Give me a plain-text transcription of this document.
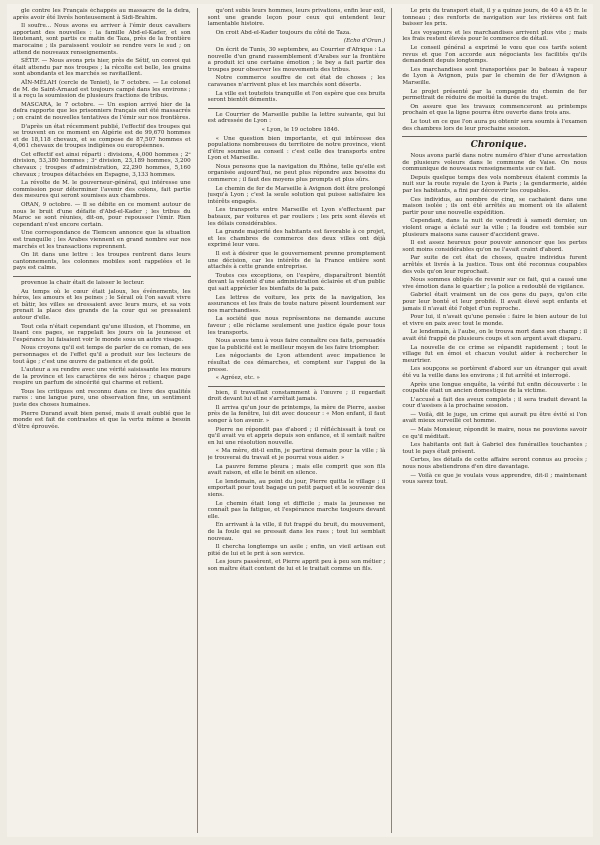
gle contre les Français échappés au massacre de la deïra, après avoir été livrés honteusement à Sidi-Brahim.

Il soufre... Nous avons eu arriver à l'émir deux cavaliers apportant des nouvelles : la famille Abd-el-Kader, et son lieutenant, sont partis ce matin de Taza, près de la frontière marocaine ; ils paraissent vouloir se rendre vers le sud ; on attend de nouveaux renseignements.

SÉTIF. — Nous avons pris hier, près de Sétif, un convoi qui était attendu par nos troupes ; la récolte est belle, les grains sont abondants et les marchés se ravitaillent.

AÏN-MÉLAH (cercle de Teniet), le 7 octobre. — Le colonel de M. de Saint-Arnaud est toujours campé dans les environs ; il a reçu la soumission de plusieurs fractions de tribus.

MASCARA, le 7 octobre. — Un espion arrivé hier de la deïra rapporte que les prisonniers français ont été massacrés ; on craint de nouvelles tentatives de l'émir sur nos frontières.

D'après un état récemment publié, l'effectif des troupes qui se trouvent en ce moment en Algérie est de 99,670 hommes et de 18,118 chevaux, et se compose de 87,507 hommes et 4,061 chevaux de troupes indigènes ou européennes.

Cet effectif est ainsi réparti : divisions, 4,000 hommes ; 2ᵉ division, 53,380 hommes ; 3ᵉ division, 23,189 hommes, 3,200 chevaux ; troupes d'administration, 22,290 hommes, 5,160 chevaux ; troupes détachées en Espagne, 3,133 hommes.

La révolte de M. le gouverneur-général, qui intéresse une commission pour déterminer l'avenir des colons, fait partie des mesures qui seront soumises aux chambres.

ORAN, 9 octobre. — Il se débite en ce moment autour de nous le bruit d'une défaite d'Abd-el-Kader ; les tribus du Maroc se sont réunies, dit-on, pour repousser l'émir. Rien cependant n'est encore certain.

Une correspondance de Tlemcen annonce que la situation est tranquille ; les Arabes viennent en grand nombre sur nos marchés et les transactions reprennent.

On lit dans une lettre : les troupes rentrent dans leurs cantonnements, les colonnes mobiles sont rappelées et le pays est calme.

provenue la chair était de laisser le lecteur.

Au temps où le cœur était jaloux, les événements, les héros, les amours et les peines ; le Sérail où l'on savait vivre et bâtir, les villes se dressaient avec leurs murs, et sa voix prenait la place des grands de la cour qui se pressaient autour d'elle.

Tout cela n'était cependant qu'une illusion, et l'homme, en lisant ces pages, se rappelait les jours où la jeunesse et l'espérance lui faisaient voir le monde sous un autre visage.

Nous croyons qu'il est temps de parler de ce roman, de ses personnages et de l'effet qu'il a produit sur les lecteurs de tout âge ; c'est une œuvre de patience et de goût.

L'auteur a su rendre avec une vérité saisissante les mœurs de la province et les caractères de ses héros ; chaque page respire un parfum de sincérité qui charme et retient.

Tous les critiques ont reconnu dans ce livre des qualités rares : une langue pure, une observation fine, un sentiment juste des choses humaines.

Pierre Durand avait bien pensé, mais il avait oublié que le monde est fait de contrastes et que la vertu même a besoin d'être éprouvée.

qu'ont subis leurs hommes, leurs privations, enfin leur exil, sont une grande leçon pour ceux qui entendent leur lamentable histoire.

On croit Abd-el-Kader toujours du côté de Taza.

(Echo d'Oran.)

On écrit de Tunis, 30 septembre, au Courrier d'Afrique : La nouvelle d'un grand rassemblement d'Arabes sur la frontière a produit ici une certaine émotion ; le bey a fait partir des troupes pour observer les mouvements des tribus.

Notre commerce souffre de cet état de choses ; les caravanes n'arrivent plus et les marchés sont déserts.

La ville est toutefois tranquille et l'on espère que ces bruits seront bientôt démentis.

Le Courrier de Marseille publie la lettre suivante, qui lui est adressée de Lyon :

« Lyon, le 19 octobre 1846.

« Une question bien importante, et qui intéresse des populations nombreuses du territoire de notre province, vient d'être soumise au conseil : c'est celle des transports entre Lyon et Marseille.

Nous pensons que la navigation du Rhône, telle qu'elle est organisée aujourd'hui, ne peut plus répondre aux besoins du commerce ; il faut des moyens plus prompts et plus sûrs.

Le chemin de fer de Marseille à Avignon doit être prolongé jusqu'à Lyon ; c'est la seule solution qui puisse satisfaire les intérêts engagés.

Les transports entre Marseille et Lyon s'effectuent par bateaux, par voitures et par rouliers ; les prix sont élevés et les délais considérables.

La grande majorité des habitants est favorable à ce projet, et les chambres de commerce des deux villes ont déjà exprimé leur vœu.

Il est à désirer que le gouvernement prenne promptement une décision, car les intérêts de la France entière sont attachés à cette grande entreprise.

Toutes ces exceptions, on l'espère, disparaîtront bientôt devant la volonté d'une administration éclairée et d'un public qui sait apprécier les bienfaits de la paix.

Les lettres de voiture, les prix de la navigation, les assurances et les frais de toute nature pèsent lourdement sur nos marchandises.

La société que nous représentons ne demande aucune faveur ; elle réclame seulement une justice égale pour tous les transports.

Nous avons tenu à vous faire connaître ces faits, persuadés que la publicité est le meilleur moyen de les faire triompher.

Les négociants de Lyon attendent avec impatience le résultat de ces démarches, et comptent sur l'appui de la presse.

« Agréez, etc. »

bien, il travaillait constamment à l'œuvre ; il regardait droit devant lui et ne s'arrêtait jamais.

Il arriva qu'un jour de printemps, la mère de Pierre, assise près de la fenêtre, lui dit avec douceur : « Mon enfant, il faut songer à ton avenir. »

Pierre ne répondit pas d'abord ; il réfléchissait à tout ce qu'il avait vu et appris depuis son enfance, et il sentait naître en lui une résolution nouvelle.

« Ma mère, dit-il enfin, je partirai demain pour la ville ; là je trouverai du travail et je pourrai vous aider. »

La pauvre femme pleura ; mais elle comprit que son fils avait raison, et elle le bénit en silence.

Le lendemain, au point du jour, Pierre quitta le village ; il emportait pour tout bagage un petit paquet et le souvenir des siens.

Le chemin était long et difficile ; mais la jeunesse ne connaît pas la fatigue, et l'espérance marche toujours devant elle.

En arrivant à la ville, il fut frappé du bruit, du mouvement, de la foule qui se pressait dans les rues ; tout lui semblait nouveau.

Il chercha longtemps un asile ; enfin, un vieil artisan eut pitié de lui et le prit à son service.

Les jours passèrent, et Pierre apprit peu à peu son métier ; son maître était content de lui et le traitait comme un fils.

Le prix du transport était, il y a quinze jours, de 40 à 45 fr. le tonneau ; des renforts de navigation sur les rivières ont fait baisser les prix.

Les voyageurs et les marchandises arrivent plus vite ; mais les frais restent élevés pour le commerce de détail.

Le conseil général a exprimé le vœu que ces tarifs soient revus et que l'on accorde aux négociants les facilités qu'ils demandent depuis longtemps.

Les marchandises sont transportées par le bateau à vapeur de Lyon à Avignon, puis par le chemin de fer d'Avignon à Marseille.

Le projet présenté par la compagnie du chemin de fer permettrait de réduire de moitié la durée du trajet.

On assure que les travaux commenceront au printemps prochain et que la ligne pourra être ouverte dans trois ans.

Le tout en ce que l'on aura pu obtenir sera soumis à l'examen des chambres lors de leur prochaine session.

Chronique.

Nous avons parlé dans notre numéro d'hier d'une arrestation de plusieurs voleurs dans le commune de Vaise. On nous communique de nouveaux renseignements sur ce fait.

Depuis quelque temps des vols nombreux étaient commis la nuit sur la route royale de Lyon à Paris ; la gendarmerie, aidée par les habitants, a fini par découvrir les coupables.

Ces individus, au nombre de cinq, se cachaient dans une maison isolée ; ils ont été arrêtés au moment où ils allaient partir pour une nouvelle expédition.

Cependant, dans la nuit de vendredi à samedi dernier, un violent orage a éclaté sur la ville ; la foudre est tombée sur plusieurs maisons sans causer d'accident grave.

Il est assez heureux pour pouvoir annoncer que les pertes sont moins considérables qu'on ne l'avait craint d'abord.

Par suite de cet état de choses, quatre individus furent arrêtés et livrés à la justice. Tous ont été reconnus coupables des vols qu'on leur reprochait.

Nous sommes obligés de revenir sur ce fait, qui a causé une vive émotion dans le quartier ; la police a redoublé de vigilance.

Gabriel était vraiment un de ces gens du pays, qu'on cite pour leur bonté et leur probité. Il avait élevé sept enfants et jamais il n'avait été l'objet d'un reproche.

Pour lui, il n'avait qu'une pensée : faire le bien autour de lui et vivre en paix avec tout le monde.

Le lendemain, à l'aube, on le trouva mort dans son champ ; il avait été frappé de plusieurs coups et son argent avait disparu.

La nouvelle de ce crime se répandit rapidement ; tout le village fut en émoi et chacun voulut aider à rechercher le meurtrier.

Les soupçons se portèrent d'abord sur un étranger qui avait été vu la veille dans les environs ; il fut arrêté et interrogé.

Après une longue enquête, la vérité fut enfin découverte : le coupable était un ancien domestique de la victime.

L'accusé a fait des aveux complets ; il sera traduit devant la cour d'assises à la prochaine session.

— Voilà, dit le juge, un crime qui aurait pu être évité si l'on avait mieux surveillé cet homme.

— Mais Monsieur, répondit le maire, nous ne pouvions savoir ce qu'il méditait.

Les habitants ont fait à Gabriel des funérailles touchantes ; tout le pays était présent.

Certes, les détails de cette affaire seront connus au procès ; nous nous abstiendrons d'en dire davantage.

— Voilà ce que je voulais vous apprendre, dit-il ; maintenant vous savez tout.
